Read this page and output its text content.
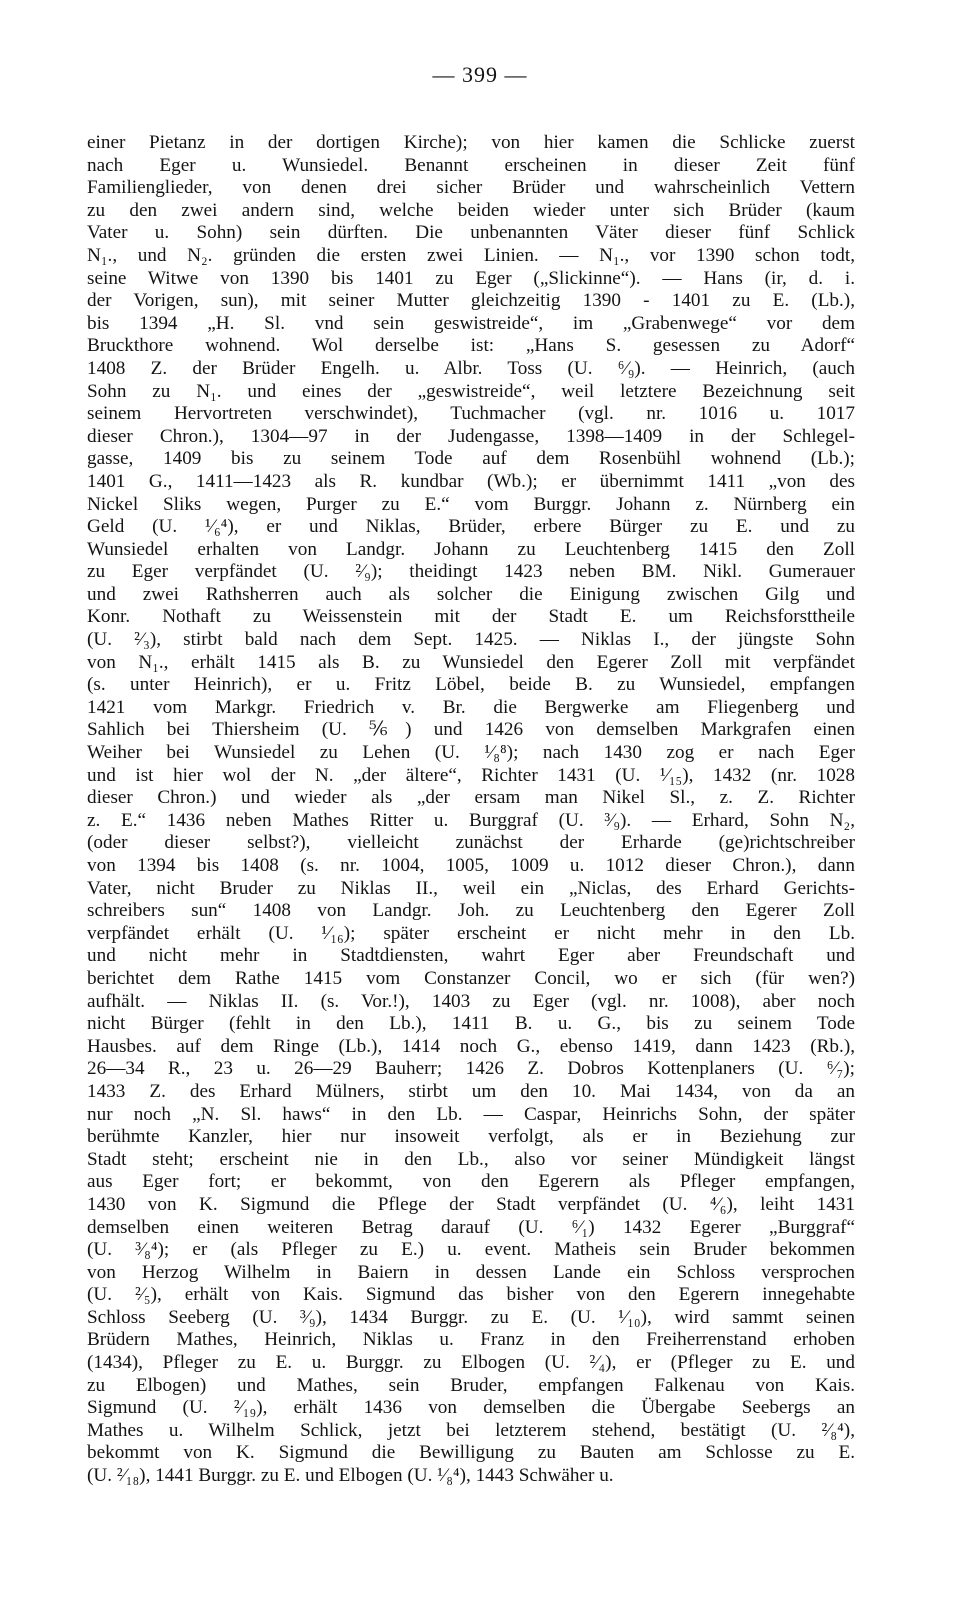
— 399 —
einer Pietanz in der dortigen Kirche); von hier kamen die Schlicke zuerst
nach Eger u. Wunsiedel. Benannt erscheinen in dieser Zeit fünf
Familienglieder, von denen drei sicher Brüder und wahrscheinlich Vettern
zu den zwei andern sind, welche beiden wieder unter sich Brüder (kaum
Vater u. Sohn) sein dürften. Die unbenannten Väter dieser fünf Schlick
N₁., und N₂. gründen die ersten zwei Linien. — N₁., vor 1390 schon todt,
seine Witwe von 1390 bis 1401 zu Eger („Slickinne“). — Hans (ir, d. i.
der Vorigen, sun), mit seiner Mutter gleichzeitig 1390 - 1401 zu E. (Lb.),
bis 1394 „H. Sl. vnd sein geswistreide“, im „Grabenwege“ vor dem
Bruckthore wohnend. Wol derselbe ist: „Hans S. gesessen zu Adorf“
1408 Z. der Brüder Engelh. u. Albr. Toss (U. ⁶⁄₉). — Heinrich, (auch
Sohn zu N₁. und eines der „geswistreide“, weil letztere Bezeichnung seit
seinem Hervortreten verschwindet), Tuchmacher (vgl. nr. 1016 u. 1017
dieser Chron.), 1304—97 in der Judengasse, 1398—1409 in der Schlegel-
gasse, 1409 bis zu seinem Tode auf dem Rosenbühl wohnend (Lb.);
1401 G., 1411—1423 als R. kundbar (Wb.); er übernimmt 1411 „von des
Nickel Sliks wegen, Purger zu E.“ vom Burggr. Johann z. Nürnberg ein
Geld (U. ¹⁄₆⁴), er und Niklas, Brüder, erbere Bürger zu E. und zu
Wunsiedel erhalten von Landgr. Johann zu Leuchtenberg 1415 den Zoll
zu Eger verpfändet (U. ²⁄₉); theidingt 1423 neben BM. Nikl. Gumerauer
und zwei Rathsherren auch als solcher die Einigung zwischen Gilg und
Konr. Nothaft zu Weissenstein mit der Stadt E. um Reichsforsttheile
(U. ²⁄₃), stirbt bald nach dem Sept. 1425. — Niklas I., der jüngste Sohn
von N₁., erhält 1415 als B. zu Wunsiedel den Egerer Zoll mit verpfändet
(s. unter Heinrich), er u. Fritz Löbel, beide B. zu Wunsiedel, empfangen
1421 vom Markgr. Friedrich v. Br. die Bergwerke am Fliegenberg und
Sahlich bei Thiersheim (U. ⅚) und 1426 von demselben Markgrafen einen
Weiher bei Wunsiedel zu Lehen (U. ¹⁄₈⁸); nach 1430 zog er nach Eger
und ist hier wol der N. „der ältere“, Richter 1431 (U. ¹⁄₁₅), 1432 (nr. 1028
dieser Chron.) und wieder als „der ersam man Nikel Sl., z. Z. Richter
z. E.“ 1436 neben Mathes Ritter u. Burggraf (U. ³⁄₉). — Erhard, Sohn N₂,
(oder dieser selbst?), vielleicht zunächst der Erharde (ge)richtschreiber
von 1394 bis 1408 (s. nr. 1004, 1005, 1009 u. 1012 dieser Chron.), dann
Vater, nicht Bruder zu Niklas II., weil ein „Niclas, des Erhard Gerichts-
schreibers sun“ 1408 von Landgr. Joh. zu Leuchtenberg den Egerer Zoll
verpfändet erhält (U. ¹⁄₁₆); später erscheint er nicht mehr in den Lb.
und nicht mehr in Stadtdiensten, wahrt Eger aber Freundschaft und
berichtet dem Rathe 1415 vom Constanzer Concil, wo er sich (für wen?)
aufhält. — Niklas II. (s. Vor.!), 1403 zu Eger (vgl. nr. 1008), aber noch
nicht Bürger (fehlt in den Lb.), 1411 B. u. G., bis zu seinem Tode
Hausbes. auf dem Ringe (Lb.), 1414 noch G., ebenso 1419, dann 1423 (Rb.),
26—34 R., 23 u. 26—29 Bauherr; 1426 Z. Dobros Kottenplaners (U. ⁶⁄₇);
1433 Z. des Erhard Mülners, stirbt um den 10. Mai 1434, von da an
nur noch „N. Sl. haws“ in den Lb. — Caspar, Heinrichs Sohn, der später
berühmte Kanzler, hier nur insoweit verfolgt, als er in Beziehung zur
Stadt steht; erscheint nie in den Lb., also vor seiner Mündigkeit längst
aus Eger fort; er bekommt, von den Egerern als Pfleger empfangen,
1430 von K. Sigmund die Pflege der Stadt verpfändet (U. ⁴⁄₆), leiht 1431
demselben einen weiteren Betrag darauf (U. ⁶⁄₁) 1432 Egerer „Burggraf“
(U. ³⁄₈⁴); er (als Pfleger zu E.) u. event. Matheis sein Bruder bekommen
von Herzog Wilhelm in Baiern in dessen Lande ein Schloss versprochen
(U. ²⁄₅), erhält von Kais. Sigmund das bisher von den Egerern innegehabte
Schloss Seeberg (U. ³⁄₉), 1434 Burggr. zu E. (U. ¹⁄₁₀), wird sammt seinen
Brüdern Mathes, Heinrich, Niklas u. Franz in den Freiherrenstand erhoben
(1434), Pfleger zu E. u. Burggr. zu Elbogen (U. ²⁄₄), er (Pfleger zu E. und
zu Elbogen) und Mathes, sein Bruder, empfangen Falkenau von Kais.
Sigmund (U. ²⁄₁₉), erhält 1436 von demselben die Übergabe Seebergs an
Mathes u. Wilhelm Schlick, jetzt bei letzterem stehend, bestätigt (U. ²⁄₈⁴),
bekommt von K. Sigmund die Bewilligung zu Bauten am Schlosse zu E.
(U. ²⁄₁₈), 1441 Burggr. zu E. und Elbogen (U. ¹⁄₈⁴), 1443 Schwäher u.
